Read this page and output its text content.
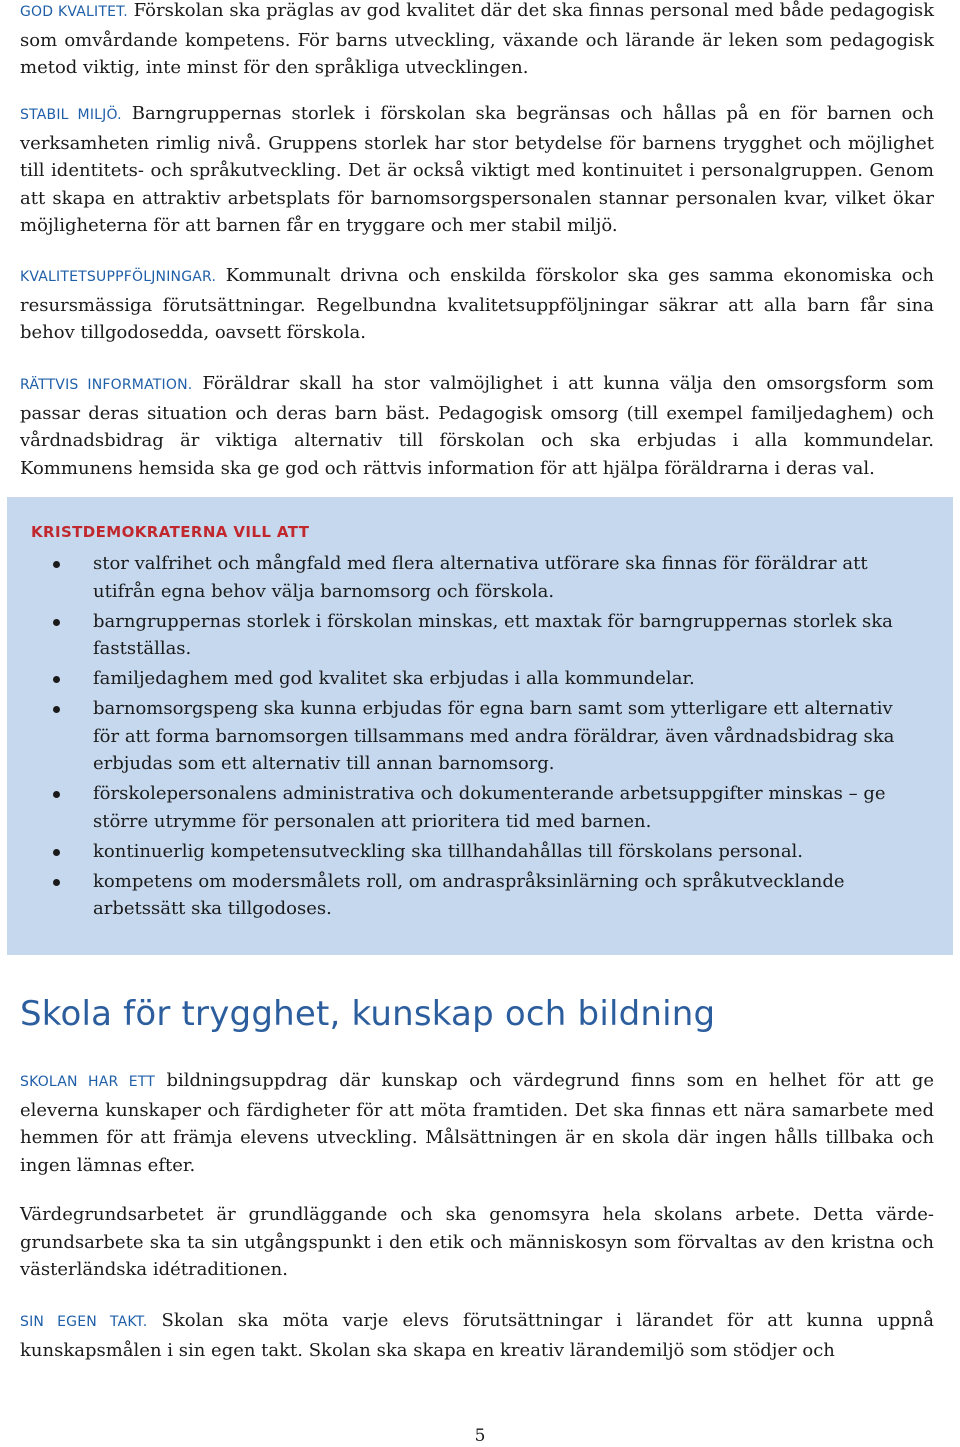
GOD KVALITET. Förskolan ska präglas av god kvalitet där det ska finnas personal med både pedagogisk som omvårdande kompetens. För barns utveckling, växande och lärande är leken som pedagogisk metod viktig, inte minst för den språkliga utvecklingen.

STABIL MILJÖ. Barngruppernas storlek i förskolan ska begränsas och hållas på en för barnen och verksamheten rimlig nivå. Gruppens storlek har stor betydelse för barnens trygghet och möjlighet till identitets- och språkutveckling. Det är också viktigt med kontinuitet i personalgruppen. Genom att skapa en attraktiv arbetsplats för barnomsorgspersonalen stannar personalen kvar, vilket ökar möjligheterna för att barnen får en tryggare och mer stabil miljö.

KVALITETSUPPFÖLJNINGAR. Kommunalt drivna och enskilda förskolor ska ges samma ekonomiska och resursmässiga förutsättningar. Regelbundna kvalitetsuppföljningar säkrar att alla barn får sina behov tillgodosedda, oavsett förskola.

RÄTTVIS INFORMATION. Föräldrar skall ha stor valmöjlighet i att kunna välja den omsorgsform som passar deras situation och deras barn bäst. Pedagogisk omsorg (till exempel familjedaghem) och vårdnadsbidrag är viktiga alternativ till förskolan och ska erbjudas i alla kommundelar. Kommunens hemsida ska ge god och rättvis information för att hjälpa föräldrarna i deras val.

KRISTDEMOKRATERNA VILL ATT
stor valfrihet och mångfald med flera alternativa utförare ska finnas för föräldrar att utifrån egna behov välja barnomsorg och förskola.
barngruppernas storlek i förskolan minskas, ett maxtak för barngruppernas storlek ska fastställas.
familjedaghem med god kvalitet ska erbjudas i alla kommundelar.
barnomsorgspeng ska kunna erbjudas för egna barn samt som ytterligare ett alternativ för att forma barnomsorgen tillsammans med andra föräldrar, även vårdnadsbidrag ska erbjudas som ett alternativ till annan barnomsorg.
förskolepersonalens administrativa och dokumenterande arbetsuppgifter minskas – ge större utrymme för personalen att prioritera tid med barnen.
kontinuerlig kompetensutveckling ska tillhandahållas till förskolans personal.
kompetens om modersmålets roll, om andraspråksinlärning och språkutvecklande arbetssätt ska tillgodoses.
Skola för trygghet, kunskap och bildning

SKOLAN HAR ETT bildningsuppdrag där kunskap och värdegrund finns som en helhet för att ge eleverna kunskaper och färdigheter för att möta framtiden. Det ska finnas ett nära samarbete med hemmen för att främja elevens utveckling. Målsättningen är en skola där ingen hålls tillbaka och ingen lämnas efter.

Värdegrundsarbetet är grundläggande och ska genomsyra hela skolans arbete. Detta värde-grundsarbete ska ta sin utgångspunkt i den etik och människosyn som förvaltas av den kristna och västerländska idétraditionen.

SIN EGEN TAKT. Skolan ska möta varje elevs förutsättningar i lärandet för att kunna uppnå kunskapsmålen i sin egen takt. Skolan ska skapa en kreativ lärandemiljö som stödjer och

5
